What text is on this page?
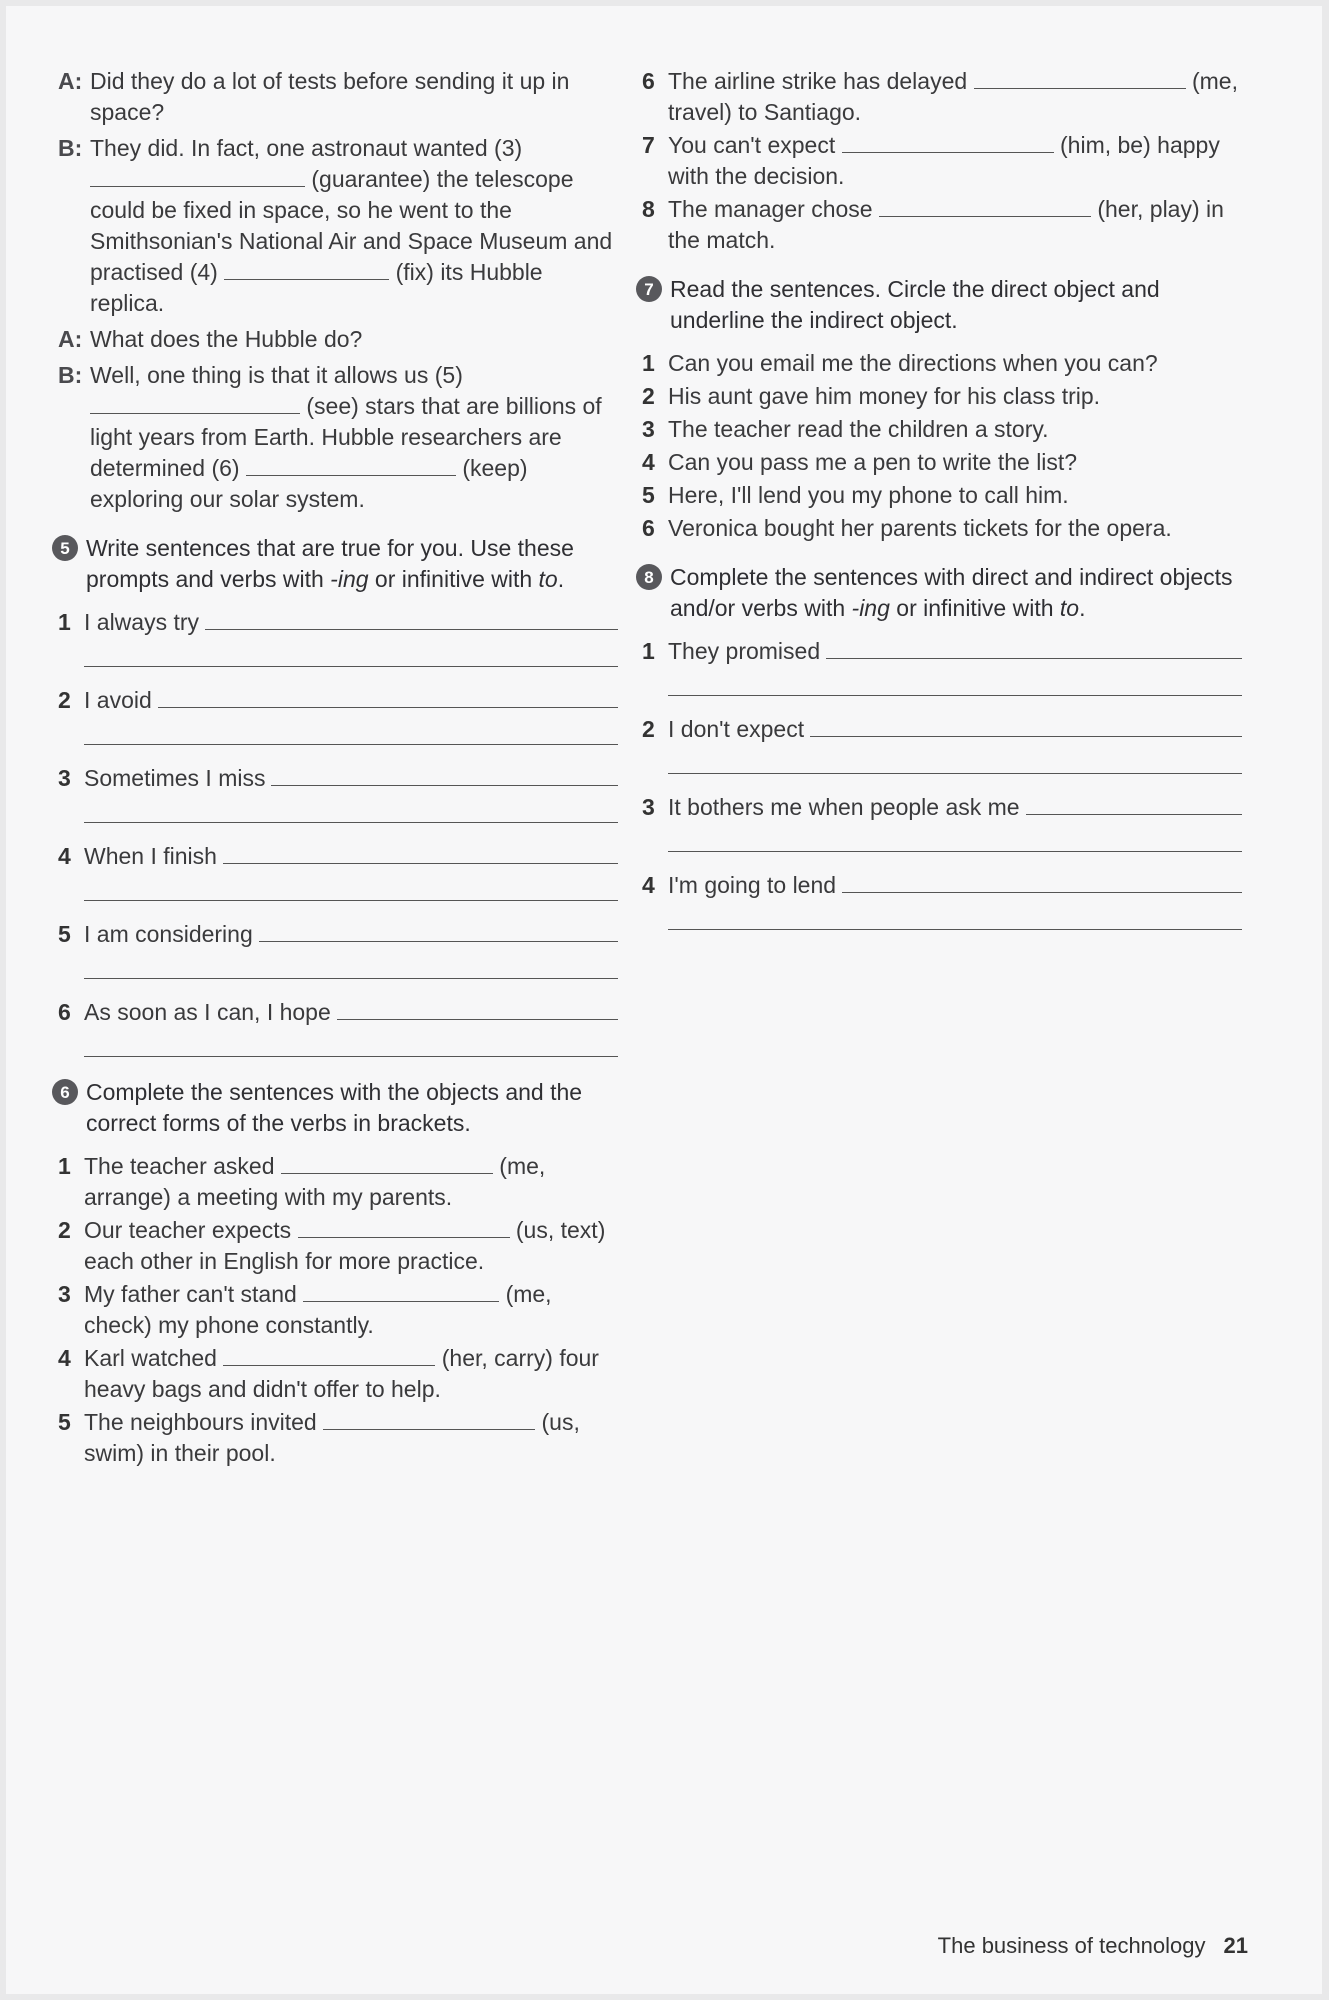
A: Did they do a lot of tests before sending it up in space?
B: They did. In fact, one astronaut wanted (3)  (guarantee) the telescope could be fixed in space, so he went to the Smithsonian's National Air and Space Museum and practised (4)	(fix) its Hubble replica.
A: What does the Hubble do?
B: Well, one thing is that it allows us (5)  (see) stars that are billions of light years from Earth. Hubble researchers are determined (6)	(keep) exploring our solar system.
5 Write sentences that are true for you. Use these prompts and verbs with -ing or infinitive with to.
1 I always try
2 I avoid
3 Sometimes I miss
4 When I finish
5 I am considering
6 As soon as I can, I hope
6 Complete the sentences with the objects and the correct forms of the verbs in brackets.
1 The teacher asked	(me, arrange) a meeting with my parents.
2 Our teacher expects	(us, text) each other in English for more practice.
3 My father can't stand	(me, check) my phone constantly.
4 Karl watched	(her, carry) four heavy bags and didn't offer to help.
5 The neighbours invited	(us, swim) in their pool.
6 The airline strike has delayed	(me, travel) to Santiago.
7 You can't expect	(him, be) happy with the decision.
8 The manager chose	(her, play) in the match.
7 Read the sentences. Circle the direct object and underline the indirect object.
1 Can you email me the directions when you can?
2 His aunt gave him money for his class trip.
3 The teacher read the children a story.
4 Can you pass me a pen to write the list?
5 Here, I'll lend you my phone to call him.
6 Veronica bought her parents tickets for the opera.
8 Complete the sentences with direct and indirect objects and/or verbs with -ing or infinitive with to.
1 They promised
2 I don't expect
3 It bothers me when people ask me
4 I'm going to lend
The business of technology 21
